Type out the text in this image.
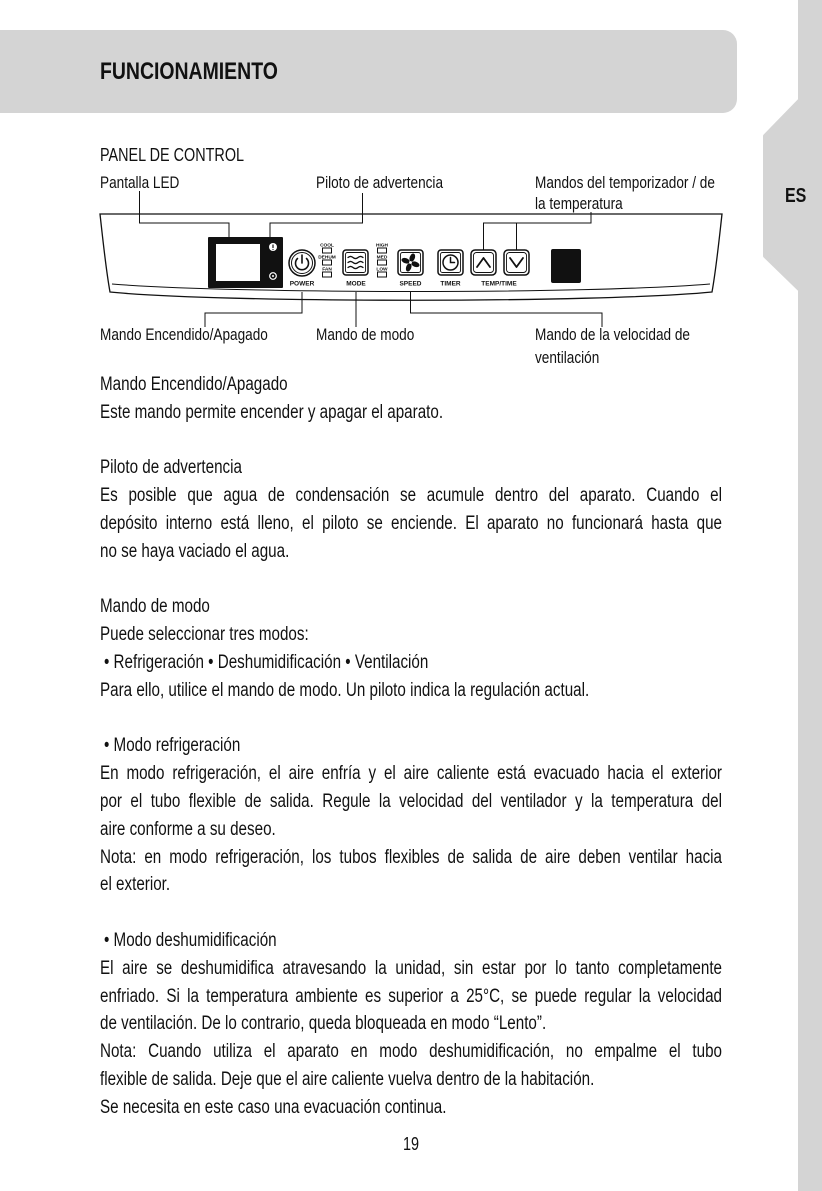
FUNCIONAMIENTO
ES
PANEL DE CONTROL
COOL
DEHUM
FAN
HIGH
MED
LOW
POWER	MODE	SPEED	TIMER	TEMP/TIME
Pantalla LED	Piloto de advertencia	Mandos del temporizador / de
la temperatura
Mando Encendido/Apagado	Mando de modo	Mando de la velocidad de
ventilación
Mando Encendido/Apagado
Este mando permite encender y apagar el aparato.
Piloto de advertencia
Es posible que agua de condensación se acumule dentro del aparato. Cuando el
depósito interno está lleno, el piloto se enciende. El aparato no funcionará hasta que
no se haya vaciado el agua.
Mando de modo
Puede seleccionar tres modos:
• Refrigeración • Deshumidificación • Ventilación
Para ello, utilice el mando de modo. Un piloto indica la regulación actual.
• Modo refrigeración
En modo refrigeración, el aire enfría y el aire caliente está evacuado hacia el exterior
por el tubo flexible de salida. Regule la velocidad del ventilador y la temperatura del
aire conforme a su deseo.
Nota: en modo refrigeración, los tubos flexibles de salida de aire deben ventilar hacia
el exterior.
• Modo deshumidificación
El aire se deshumidifica atravesando la unidad, sin estar por lo tanto completamente
enfriado. Si la temperatura ambiente es superior a 25°C, se puede regular la velocidad
de ventilación. De lo contrario, queda bloqueada en modo “Lento”.
Nota: Cuando utiliza el aparato en modo deshumidificación, no empalme el tubo
flexible de salida. Deje que el aire caliente vuelva dentro de la habitación.
Se necesita en este caso una evacuación continua.
19
